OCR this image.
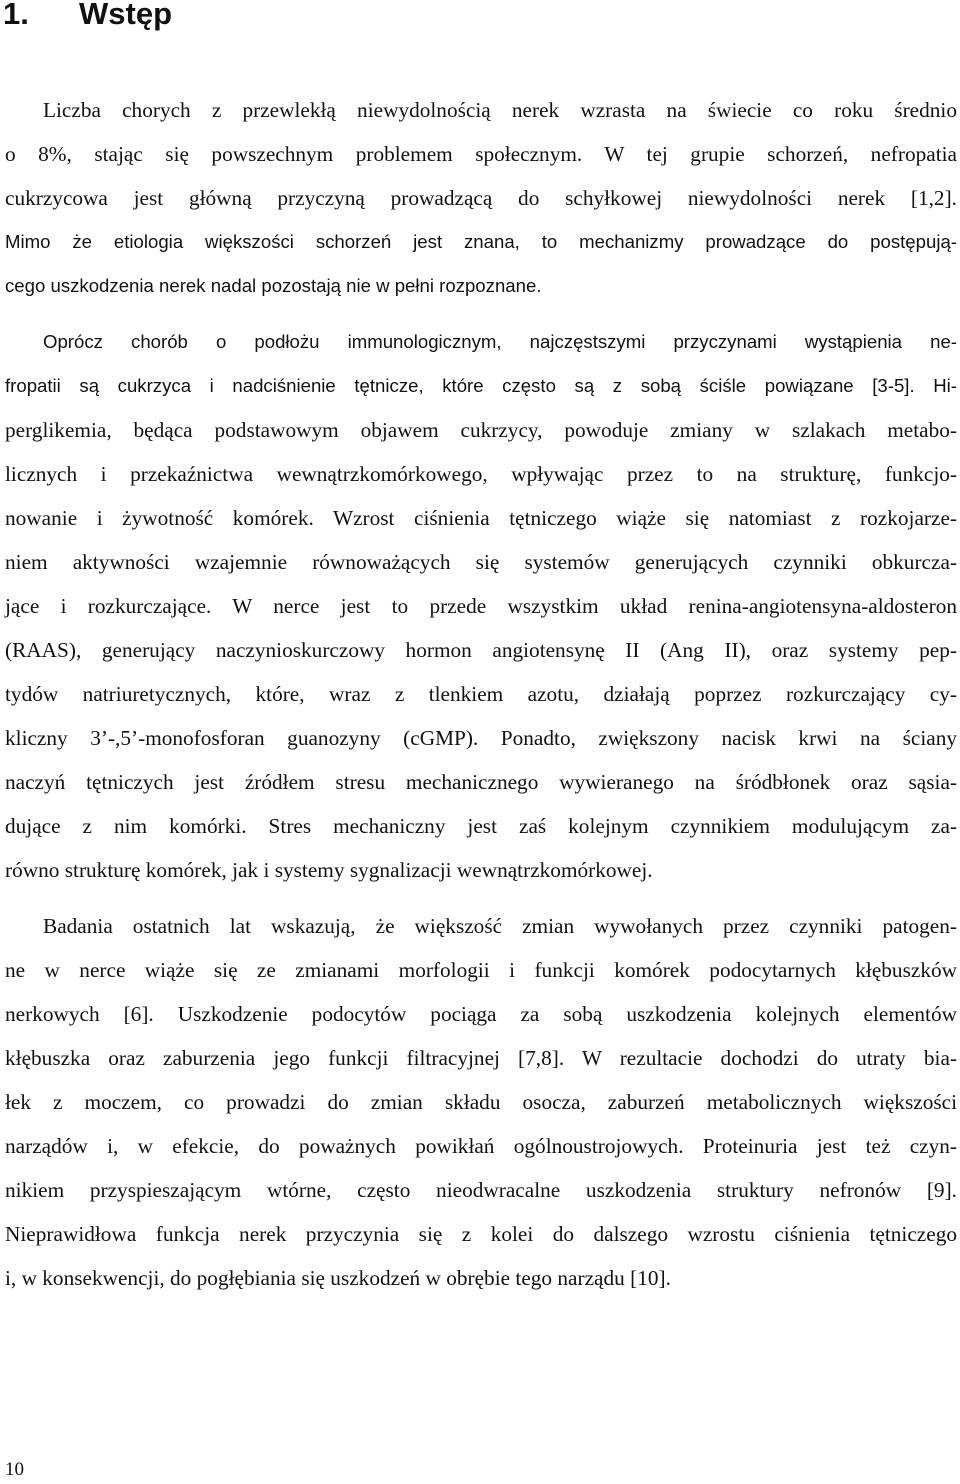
1. Wstęp

Liczba chorych z przewlekłą niewydolnością nerek wzrasta na świecie co roku średnio

o 8%, stając się powszechnym problemem społecznym. W tej grupie schorzeń, nefropatia

cukrzycowa jest główną przyczyną prowadzącą do schyłkowej niewydolności nerek [1,2].

Mimo że etiologia większości schorzeń jest znana, to mechanizmy prowadzące do postępują-

cego uszkodzenia nerek nadal pozostają nie w pełni rozpoznane.

Oprócz chorób o podłożu immunologicznym, najczęstszymi przyczynami wystąpienia ne-

fropatii są cukrzyca i nadciśnienie tętnicze, które często są z sobą ściśle powiązane [3-5]. Hi-

perglikemia, będąca podstawowym objawem cukrzycy, powoduje zmiany w szlakach metabo-

licznych i przekaźnictwa wewnątrzkomórkowego, wpływając przez to na strukturę, funkcjo-

nowanie i żywotność komórek. Wzrost ciśnienia tętniczego wiąże się natomiast z rozkojarze-

niem aktywności wzajemnie równoważących się systemów generujących czynniki obkurcza-

jące i rozkurczające. W nerce jest to przede wszystkim układ renina-angiotensyna-aldosteron

(RAAS), generujący naczynioskurczowy hormon angiotensynę II (Ang II), oraz systemy pep-

tydów natriuretycznych, które, wraz z tlenkiem azotu, działają poprzez rozkurczający cy-

kliczny 3’-,5’-monofosforan guanozyny (cGMP). Ponadto, zwiększony nacisk krwi na ściany

naczyń tętniczych jest źródłem stresu mechanicznego wywieranego na śródbłonek oraz sąsia-

dujące z nim komórki. Stres mechaniczny jest zaś kolejnym czynnikiem modulującym za-

równo strukturę komórek, jak i systemy sygnalizacji wewnątrzkomórkowej.

Badania ostatnich lat wskazują, że większość zmian wywołanych przez czynniki patogen-

ne w nerce wiąże się ze zmianami morfologii i funkcji komórek podocytarnych kłębuszków

nerkowych [6]. Uszkodzenie podocytów pociąga za sobą uszkodzenia kolejnych elementów

kłębuszka oraz zaburzenia jego funkcji filtracyjnej [7,8]. W rezultacie dochodzi do utraty bia-

łek z moczem, co prowadzi do zmian składu osocza, zaburzeń metabolicznych większości

narządów i, w efekcie, do poważnych powikłań ogólnoustrojowych. Proteinuria jest też czyn-

nikiem przyspieszającym wtórne, często nieodwracalne uszkodzenia struktury nefronów [9].

Nieprawidłowa funkcja nerek przyczynia się z kolei do dalszego wzrostu ciśnienia tętniczego

i, w konsekwencji, do pogłębiania się uszkodzeń w obrębie tego narządu [10].

10
